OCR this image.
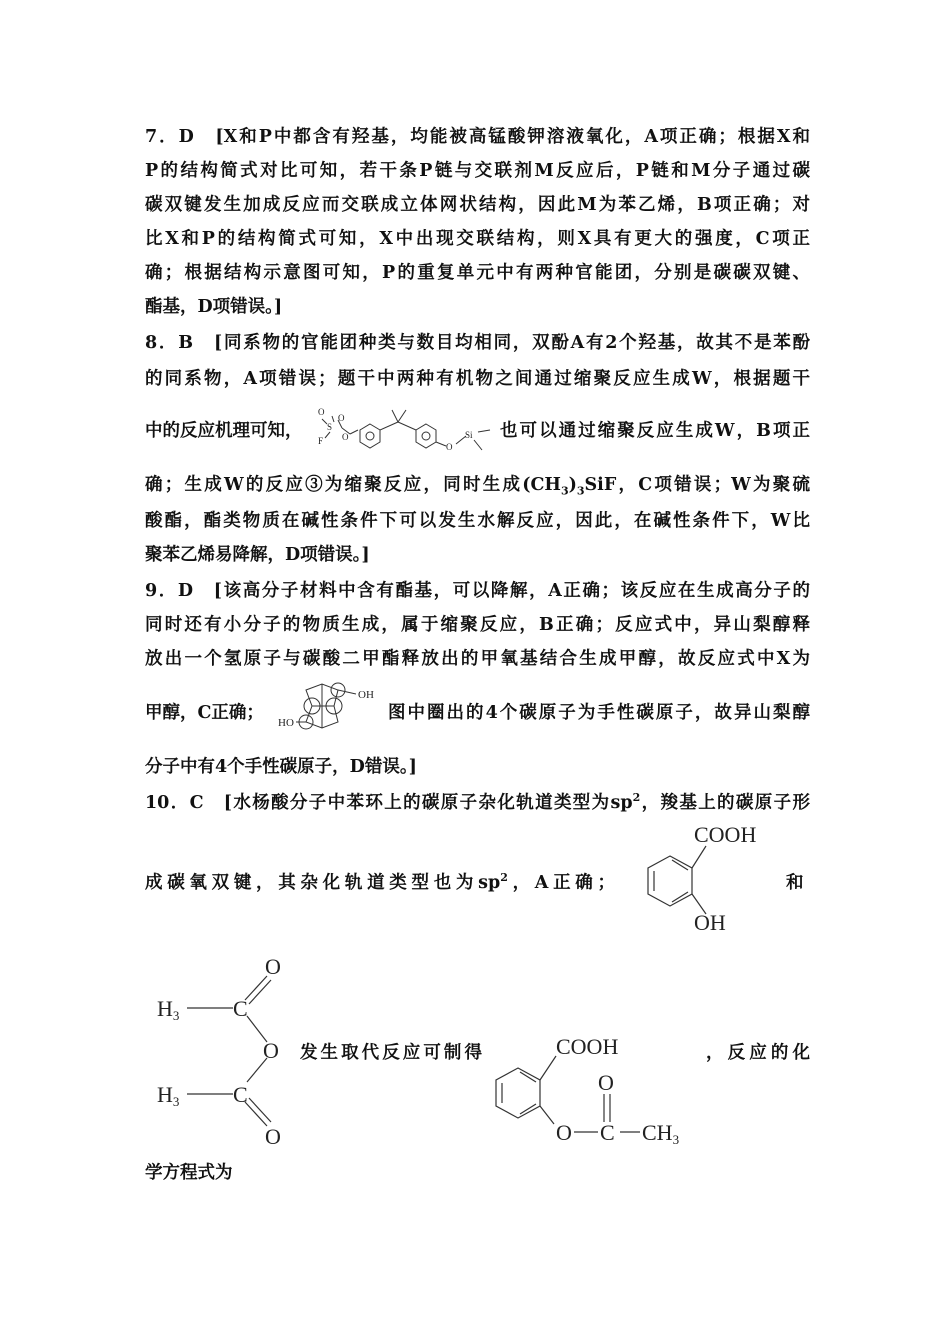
7．D　[X和P中都含有羟基，均能被高锰酸钾溶液氧化，A项正确；根据X和
P的结构简式对比可知，若干条P链与交联剂M反应后，P链和M分子通过碳
碳双键发生加成反应而交联成立体网状结构，因此M为苯乙烯，B项正确；对
比X和P的结构简式可知，X中出现交联结构，则X具有更大的强度，C项正
确；根据结构示意图可知，P的重复单元中有两种官能团，分别是碳碳双键、
酯基，D项错误。]
8．B　[同系物的官能团种类与数目均相同，双酚A有2个羟基，故其不是苯酚
的同系物，A项错误；题干中两种有机物之间通过缩聚反应生成W，根据题干
中的反应机理可知，
O
S
O
F O
O
Si 也可以通过缩聚反应生成W，B项正
确；生成W的反应③为缩聚反应，同时生成$(CH_3)_3SiF$，C项错误；W为聚硫
酸酯，酯类物质在碱性条件下可以发生水解反应，因此，在碱性条件下，W比
聚苯乙烯易降解，D项错误。]
9．D　[该高分子材料中含有酯基，可以降解，A正确；该反应在生成高分子的
同时还有小分子的物质生成，属于缩聚反应，B正确；反应式中，异山梨醇释
放出一个氢原子与碳酸二甲酯释放出的甲氧基结合生成甲醇，故反应式中X为
甲醇，C正确；
OH
HO	图中圈出的4个碳原子为手性碳原子，故异山梨醇
分子中有4个手性碳原子，D错误。]
10．C　[水杨酸分子中苯环上的碳原子杂化轨道类型为$sp^2$，羧基上的碳原子形
成碳氧双键，其杂化轨道类型也为$sp^2$，A正确；
COOH
OH
和
H3 C
O
O
H3 C
O
发生取代反应可制得	COOH
O
O C CH3
，反应的化
学方程式为
